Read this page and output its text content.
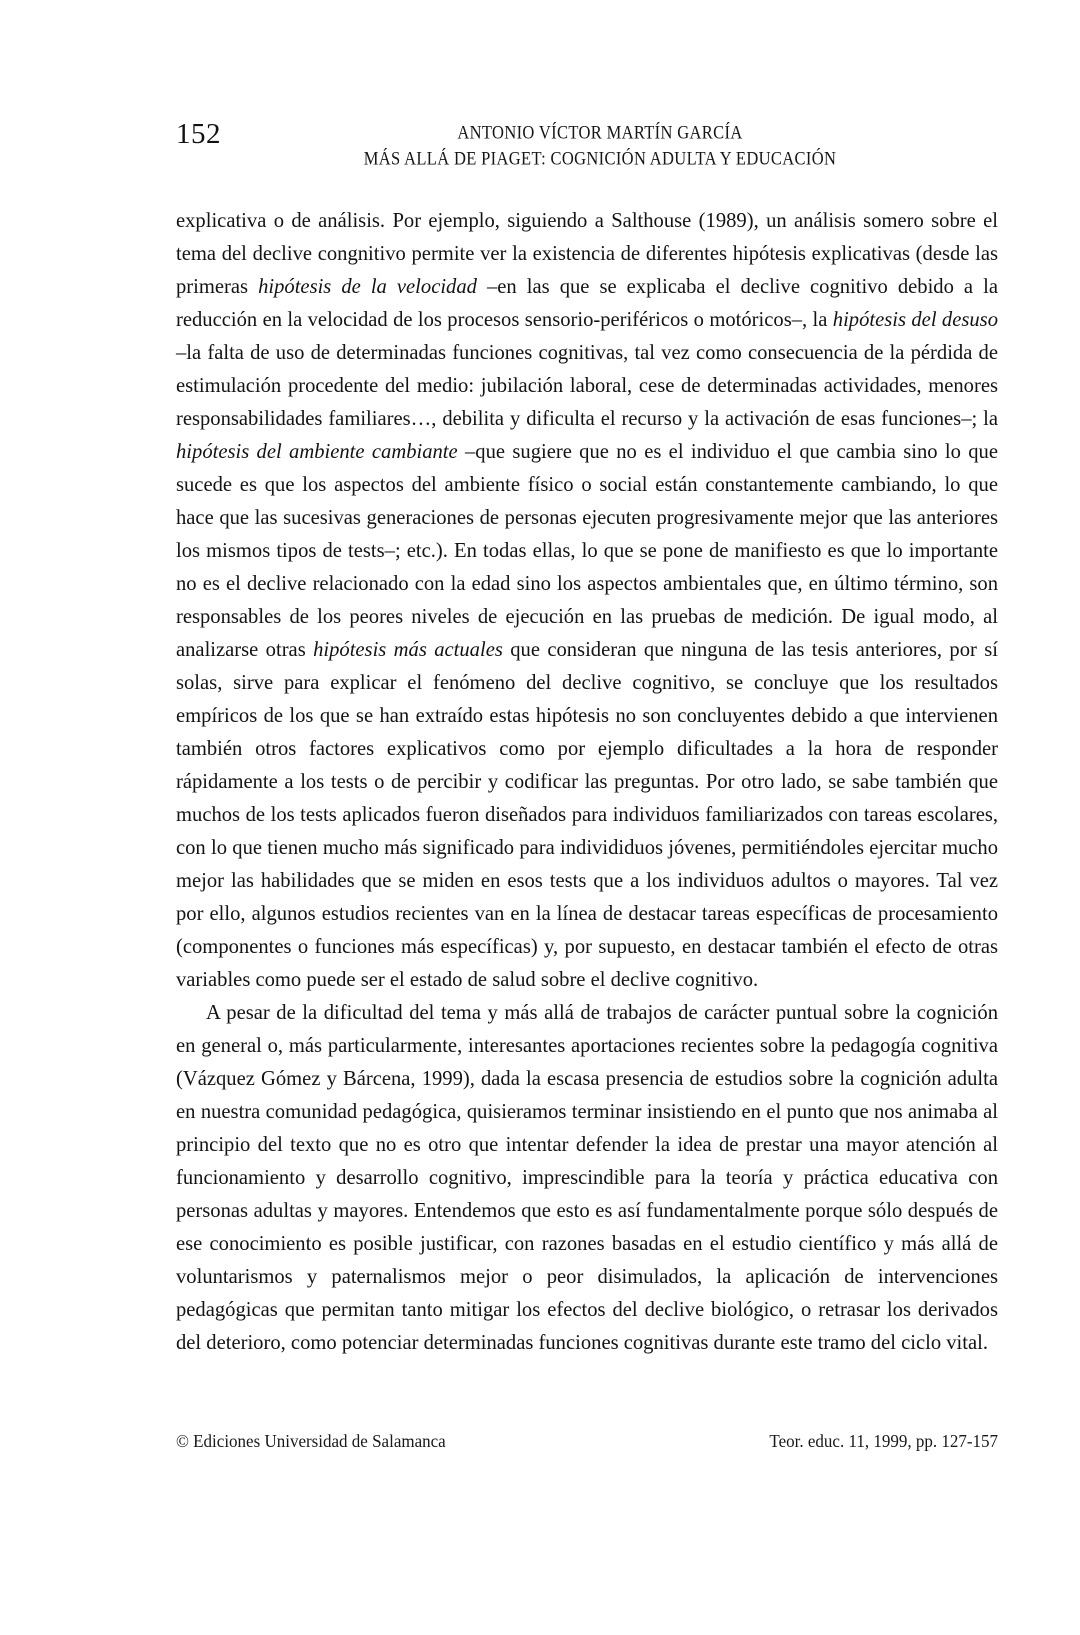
152	ANTONIO VÍCTOR MARTÍN GARCÍA
MÁS ALLÁ DE PIAGET: COGNICIÓN ADULTA Y EDUCACIÓN

explicativa o de análisis. Por ejemplo, siguiendo a Salthouse (1989), un análisis somero sobre el tema del declive congnitivo permite ver la existencia de diferentes hipótesis explicativas (desde las primeras hipótesis de la velocidad –en las que se explicaba el declive cognitivo debido a la reducción en la velocidad de los procesos sensorio-periféricos o motóricos–, la hipótesis del desuso –la falta de uso de determinadas funciones cognitivas, tal vez como consecuencia de la pérdida de estimulación procedente del medio: jubilación laboral, cese de determinadas actividades, menores responsabilidades familiares…, debilita y dificulta el recurso y la activación de esas funciones–; la hipótesis del ambiente cambiante –que sugiere que no es el individuo el que cambia sino lo que sucede es que los aspectos del ambiente físico o social están constantemente cambiando, lo que hace que las sucesivas generaciones de personas ejecuten progresivamente mejor que las anteriores los mismos tipos de tests–; etc.). En todas ellas, lo que se pone de manifiesto es que lo importante no es el declive relacionado con la edad sino los aspectos ambientales que, en último término, son responsables de los peores niveles de ejecución en las pruebas de medición. De igual modo, al analizarse otras hipótesis más actuales que consideran que ninguna de las tesis anteriores, por sí solas, sirve para explicar el fenómeno del declive cognitivo, se concluye que los resultados empíricos de los que se han extraído estas hipótesis no son concluyentes debido a que intervienen también otros factores explicativos como por ejemplo dificultades a la hora de responder rápidamente a los tests o de percibir y codificar las preguntas. Por otro lado, se sabe también que muchos de los tests aplicados fueron diseñados para individuos familiarizados con tareas escolares, con lo que tienen mucho más significado para individiduos jóvenes, permitiéndoles ejercitar mucho mejor las habilidades que se miden en esos tests que a los individuos adultos o mayores. Tal vez por ello, algunos estudios recientes van en la línea de destacar tareas específicas de procesamiento (componentes o funciones más específicas) y, por supuesto, en destacar también el efecto de otras variables como puede ser el estado de salud sobre el declive cognitivo.

A pesar de la dificultad del tema y más allá de trabajos de carácter puntual sobre la cognición en general o, más particularmente, interesantes aportaciones recientes sobre la pedagogía cognitiva (Vázquez Gómez y Bárcena, 1999), dada la escasa presencia de estudios sobre la cognición adulta en nuestra comunidad pedagógica, quisieramos terminar insistiendo en el punto que nos animaba al principio del texto que no es otro que intentar defender la idea de prestar una mayor atención al funcionamiento y desarrollo cognitivo, imprescindible para la teoría y práctica educativa con personas adultas y mayores. Entendemos que esto es así fundamentalmente porque sólo después de ese conocimiento es posible justificar, con razones basadas en el estudio científico y más allá de voluntarismos y paternalismos mejor o peor disimulados, la aplicación de intervenciones pedagógicas que permitan tanto mitigar los efectos del declive biológico, o retrasar los derivados del deterioro, como potenciar determinadas funciones cognitivas durante este tramo del ciclo vital.

© Ediciones Universidad de Salamanca	Teor. educ. 11, 1999, pp. 127-157
